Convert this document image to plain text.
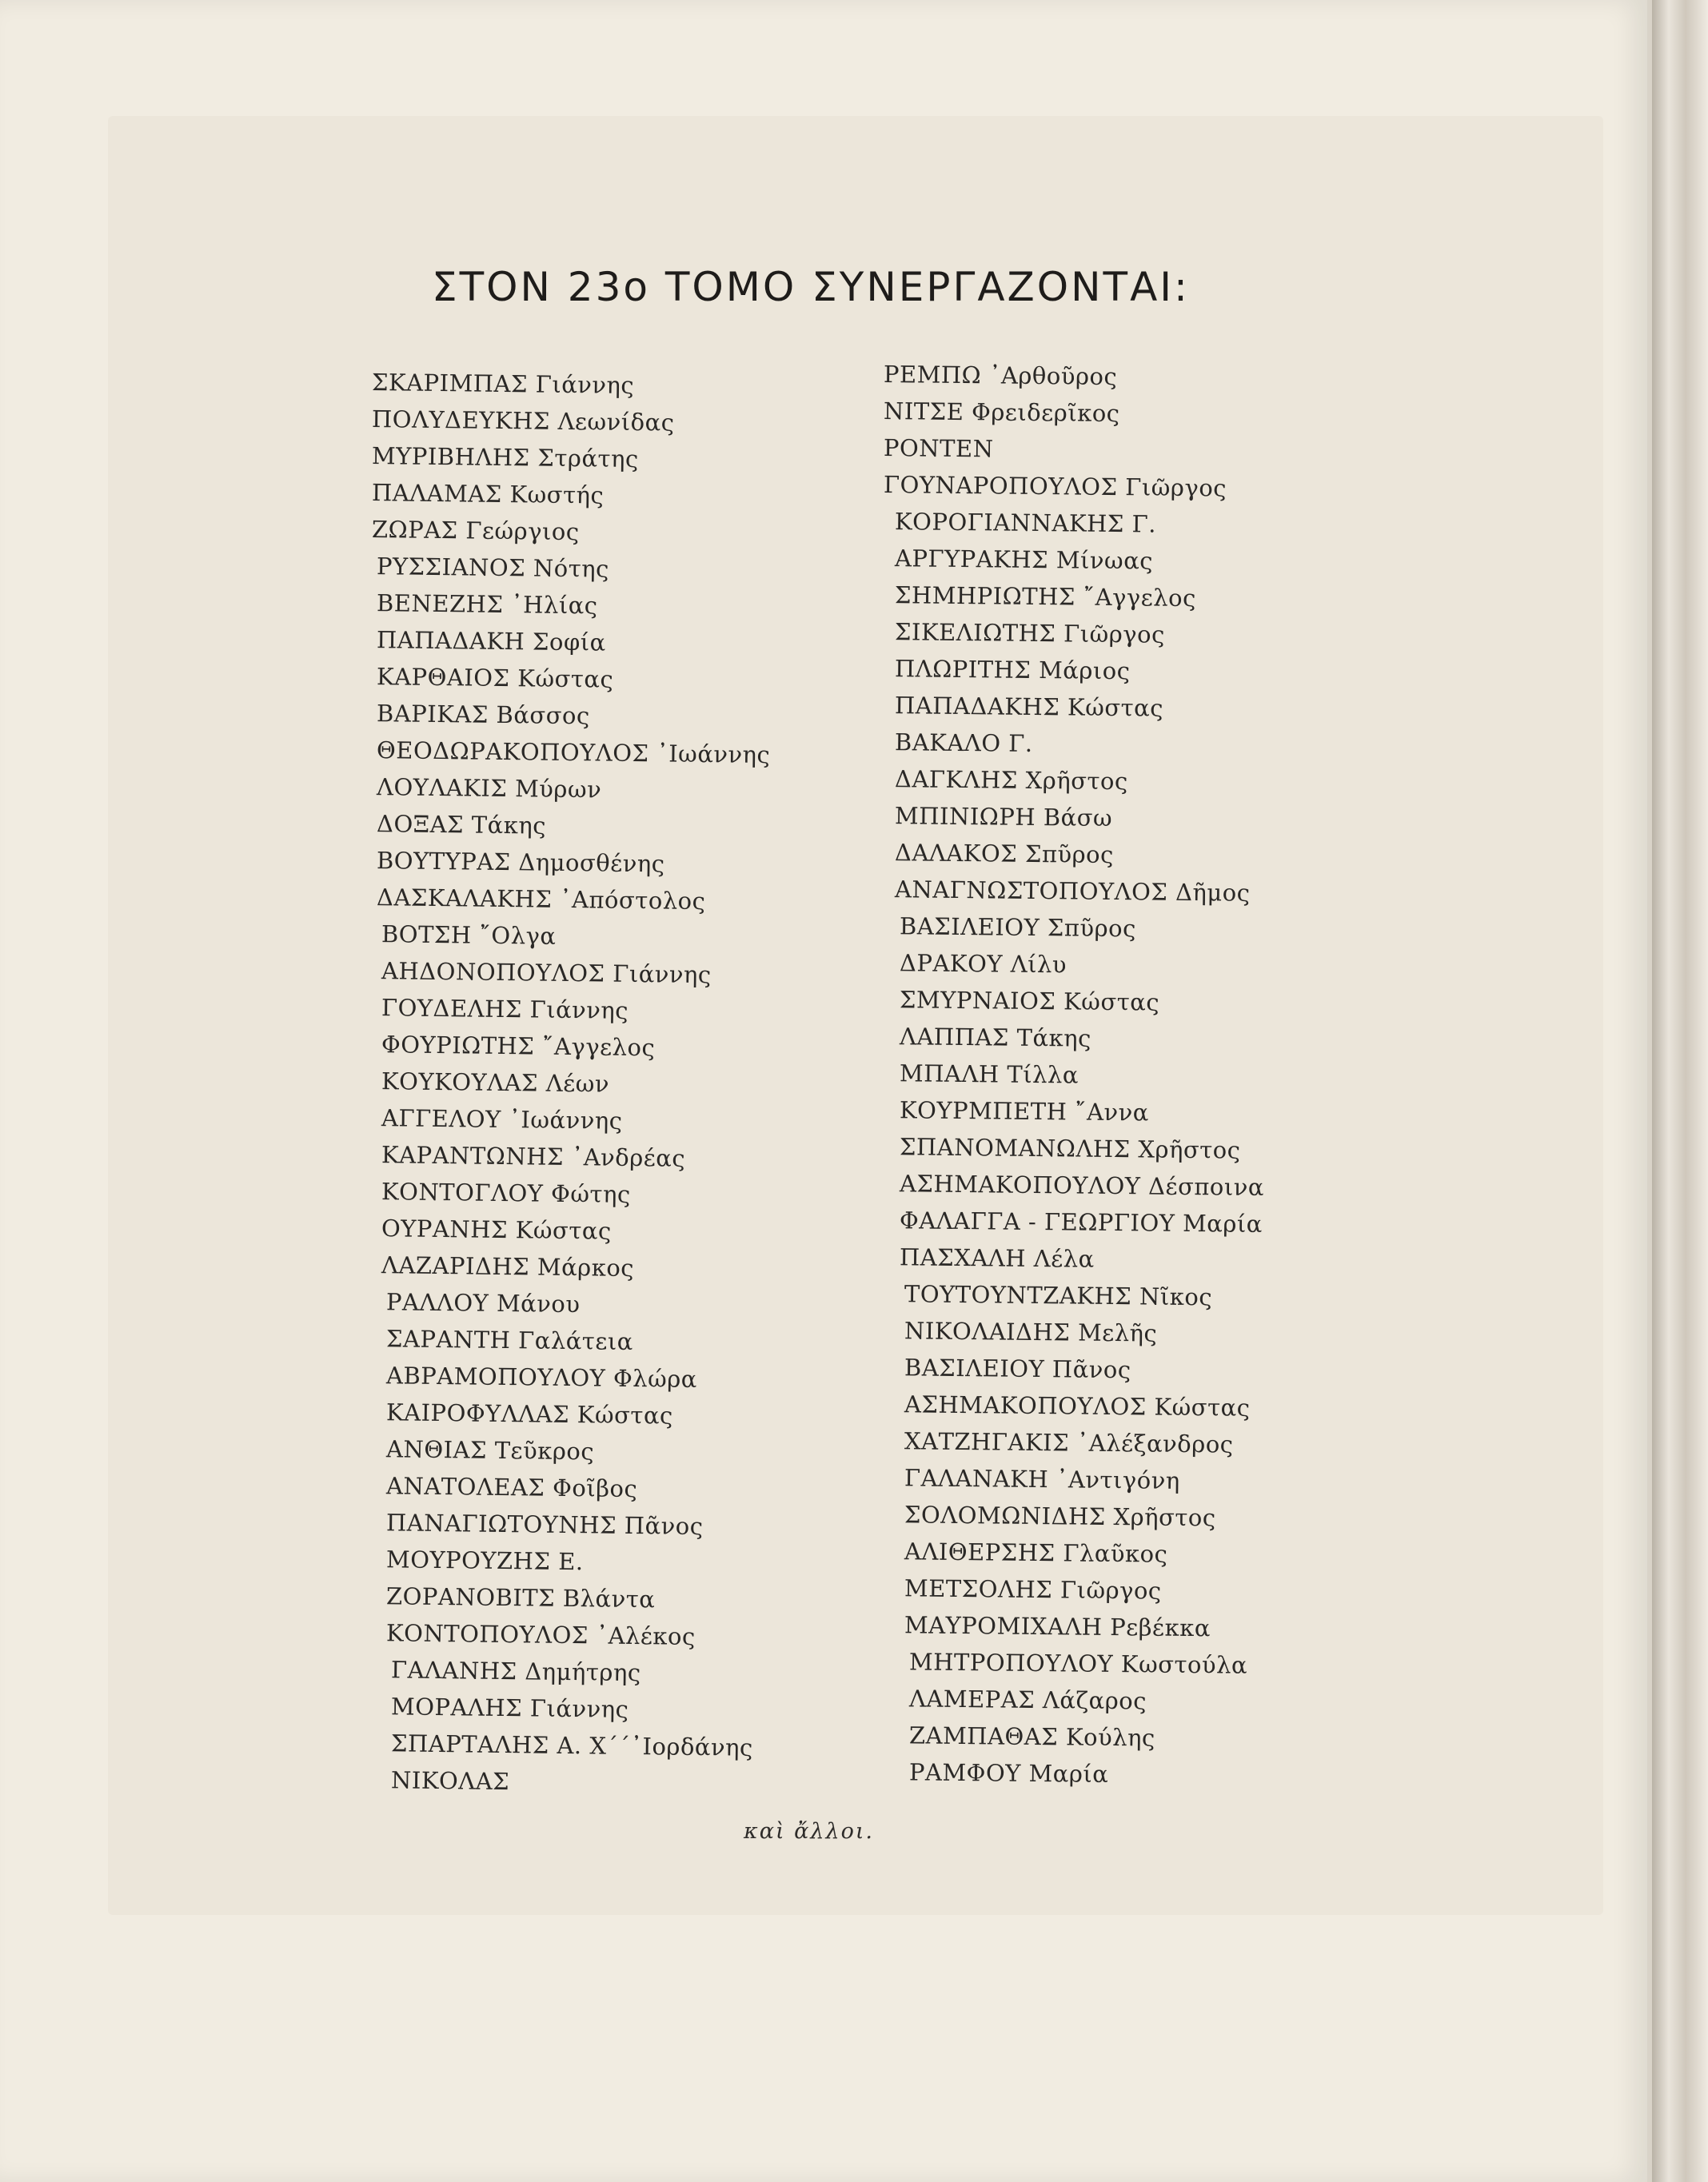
ΣΤΟΝ 23ο ΤΟΜΟ ΣΥΝΕΡΓΑΖΟΝΤΑΙ:
ΣΚΑΡΙΜΠΑΣ Γιάννης
ΠΟΛΥΔΕΥΚΗΣ Λεωνίδας
ΜΥΡΙΒΗΛΗΣ Στράτης
ΠΑΛΑΜΑΣ Κωστής
ΖΩΡΑΣ Γεώργιος
ΡΥΣΣΙΑΝΟΣ Νότης
ΒΕΝΕΖΗΣ ᾿Ηλίας
ΠΑΠΑΔΑΚΗ Σοφία
ΚΑΡΘΑΙΟΣ Κώστας
ΒΑΡΙΚΑΣ Βάσσος
ΘΕΟΔΩΡΑΚΟΠΟΥΛΟΣ ᾿Ιωάννης
ΛΟΥΛΑΚΙΣ Μύρων
ΔΟΞΑΣ Τάκης
ΒΟΥΤΥΡΑΣ Δημοσθένης
ΔΑΣΚΑΛΑΚΗΣ ᾿Απόστολος
ΒΟΤΣΗ ῎Ολγα
ΑΗΔΟΝΟΠΟΥΛΟΣ Γιάννης
ΓΟΥΔΕΛΗΣ Γιάννης
ΦΟΥΡΙΩΤΗΣ ῎Αγγελος
ΚΟΥΚΟΥΛΑΣ Λέων
ΑΓΓΕΛΟΥ ᾿Ιωάννης
ΚΑΡΑΝΤΩΝΗΣ ᾿Ανδρέας
ΚΟΝΤΟΓΛΟΥ Φώτης
ΟΥΡΑΝΗΣ Κώστας
ΛΑΖΑΡΙΔΗΣ Μάρκος
ΡΑΛΛΟΥ Μάνου
ΣΑΡΑΝΤΗ Γαλάτεια
ΑΒΡΑΜΟΠΟΥΛΟΥ Φλώρα
ΚΑΙΡΟΦΥΛΛΑΣ Κώστας
ΑΝΘΙΑΣ Τεῦκρος
ΑΝΑΤΟΛΕΑΣ Φοῖβος
ΠΑΝΑΓΙΩΤΟΥΝΗΣ Πᾶνος
ΜΟΥΡΟΥΖΗΣ Ε.
ΖΟΡΑΝΟΒΙΤΣ Βλάντα
ΚΟΝΤΟΠΟΥΛΟΣ ᾿Αλέκος
ΓΑΛΑΝΗΣ Δημήτρης
ΜΟΡΑΛΗΣ Γιάννης
ΣΠΑΡΤΑΛΗΣ Α. Χ΄΄᾿Ιορδάνης
ΝΙΚΟΛΑΣ
ΡΕΜΠΩ ᾿Αρθοῦρος
ΝΙΤΣΕ Φρειδερῖκος
ΡΟΝΤΕΝ
ΓΟΥΝΑΡΟΠΟΥΛΟΣ Γιῶργος
ΚΟΡΟΓΙΑΝΝΑΚΗΣ Γ.
ΑΡΓΥΡΑΚΗΣ Μίνωας
ΣΗΜΗΡΙΩΤΗΣ ῎Αγγελος
ΣΙΚΕΛΙΩΤΗΣ Γιῶργος
ΠΛΩΡΙΤΗΣ Μάριος
ΠΑΠΑΔΑΚΗΣ Κώστας
ΒΑΚΑΛΟ Γ.
ΔΑΓΚΛΗΣ Χρῆστος
ΜΠΙΝΙΩΡΗ Βάσω
ΔΑΛΑΚΟΣ Σπῦρος
ΑΝΑΓΝΩΣΤΟΠΟΥΛΟΣ Δῆμος
ΒΑΣΙΛΕΙΟΥ Σπῦρος
ΔΡΑΚΟΥ Λίλυ
ΣΜΥΡΝΑΙΟΣ Κώστας
ΛΑΠΠΑΣ Τάκης
ΜΠΑΛΗ Τίλλα
ΚΟΥΡΜΠΕΤΗ ῎Αννα
ΣΠΑΝΟΜΑΝΩΛΗΣ Χρῆστος
ΑΣΗΜΑΚΟΠΟΥΛΟΥ Δέσποινα
ΦΑΛΑΓΓΑ - ΓΕΩΡΓΙΟΥ Μαρία
ΠΑΣΧΑΛΗ Λέλα
ΤΟΥΤΟΥΝΤΖΑΚΗΣ Νῖκος
ΝΙΚΟΛΑΙΔΗΣ Μελῆς
ΒΑΣΙΛΕΙΟΥ Πᾶνος
ΑΣΗΜΑΚΟΠΟΥΛΟΣ Κώστας
ΧΑΤΖΗΓΑΚΙΣ ᾿Αλέξανδρος
ΓΑΛΑΝΑΚΗ ᾿Αντιγόνη
ΣΟΛΟΜΩΝΙΔΗΣ Χρῆστος
ΑΛΙΘΕΡΣΗΣ Γλαῦκος
ΜΕΤΣΟΛΗΣ Γιῶργος
ΜΑΥΡΟΜΙΧΑΛΗ Ρεβέκκα
ΜΗΤΡΟΠΟΥΛΟΥ Κωστούλα
ΛΑΜΕΡΑΣ Λάζαρος
ΖΑΜΠΑΘΑΣ Κούλης
ΡΑΜΦΟΥ Μαρία
καὶ ἄλλοι.
